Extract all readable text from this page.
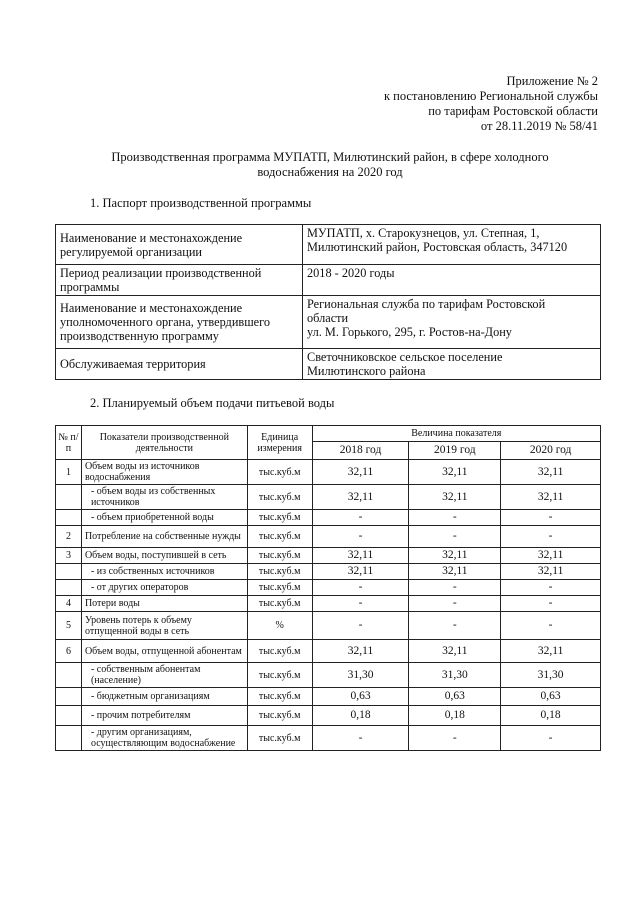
Приложение № 2
к постановлению Региональной службы
по тарифам Ростовской области
от 28.11.2019 № 58/41
Производственная программа МУПАТП, Милютинский район, в сфере холодного
водоснабжения на 2020 год
1. Паспорт производственной программы
Наименование и местонахождение регулируемой организации	МУПАТП, х. Старокузнецов, ул. Степная, 1,
Милютинский район, Ростовская область, 347120

Период реализации производственной программы	2018 - 2020 годы

Наименование и местонахождение уполномоченного органа, утвердившего производственную программу	Региональная служба по тарифам Ростовской
области
ул. М. Горького, 295, г. Ростов-на-Дону

Обслуживаемая территория	Светочниковское сельское поселение
Милютинского района
2. Планируемый объем подачи питьевой воды
№ п/п	Показатели производственной деятельности	Единица измерения	Величина показателя		
			2018 год	2019 год	2020 год
1	Объем воды из источников водоснабжения	тыс.куб.м	32,11	32,11	32,11
	- объем воды из собственных источников	тыс.куб.м	32,11	32,11	32,11
	- объем приобретенной воды	тыс.куб.м	-	-	-
2	Потребление на собственные нужды	тыс.куб.м	-	-	-
3	Объем воды, поступившей в сеть	тыс.куб.м	32,11	32,11	32,11
	- из собственных источников	тыс.куб.м	32,11	32,11	32,11
	- от других операторов	тыс.куб.м	-	-	-
4	Потери воды	тыс.куб.м	-	-	-
5	Уровень потерь к объему отпущенной воды в сеть	%	-	-	-
6	Объем воды, отпущенной абонентам	тыс.куб.м	32,11	32,11	32,11
	- собственным абонентам (население)	тыс.куб.м	31,30	31,30	31,30
	- бюджетным организациям	тыс.куб.м	0,63	0,63	0,63
	- прочим потребителям	тыс.куб.м	0,18	0,18	0,18
	- другим организациям, осуществляющим водоснабжение	тыс.куб.м	-	-	-
